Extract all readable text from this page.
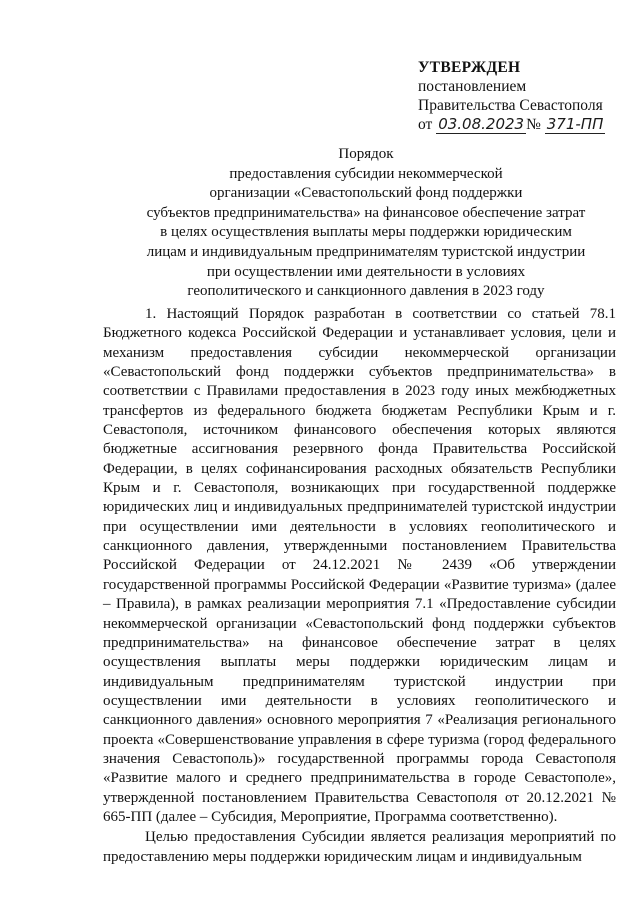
УТВЕРЖДЕН
постановлением
Правительства Севастополя
от 03.08.2023 № 371-ПП
Порядок
предоставления субсидии некоммерческой
организации «Севастопольский фонд поддержки
субъектов предпринимательства» на финансовое обеспечение затрат
в целях осуществления выплаты меры поддержки юридическим
лицам и индивидуальным предпринимателям туристской индустрии
при осуществлении ими деятельности в условиях
геополитического и санкционного давления в 2023 году

1. Настоящий Порядок разработан в соответствии со статьей 78.1 Бюджетного кодекса Российской Федерации и устанавливает условия, цели и механизм предоставления субсидии некоммерческой организации «Севастопольский фонд поддержки субъектов предпринимательства» в соответствии с Правилами предоставления в 2023 году иных межбюджетных трансфертов из федерального бюджета бюджетам Республики Крым и г. Севастополя, источником финансового обеспечения которых являются бюджетные ассигнования резервного фонда Правительства Российской Федерации, в целях софинансирования расходных обязательств Республики Крым и г. Севастополя, возникающих при государственной поддержке юридических лиц и индивидуальных предпринимателей туристской индустрии при осуществлении ими деятельности в условиях геополитического и санкционного давления, утвержденными постановлением Правительства Российской Федерации от 24.12.2021 № 2439 «Об утверждении государственной программы Российской Федерации «Развитие туризма» (далее – Правила), в рамках реализации мероприятия 7.1 «Предоставление субсидии некоммерческой организации «Севастопольский фонд поддержки субъектов предпринимательства» на финансовое обеспечение затрат в целях осуществления выплаты меры поддержки юридическим лицам и индивидуальным предпринимателям туристской индустрии при осуществлении ими деятельности в условиях геополитического и санкционного давления» основного мероприятия 7 «Реализация регионального проекта «Совершенствование управления в сфере туризма (город федерального значения Севастополь)» государственной программы города Севастополя «Развитие малого и среднего предпринимательства в городе Севастополе», утвержденной постановлением Правительства Севастополя от 20.12.2021 № 665-ПП (далее – Субсидия, Мероприятие, Программа соответственно).

Целью предоставления Субсидии является реализация мероприятий по предоставлению меры поддержки юридическим лицам и индивидуальным
